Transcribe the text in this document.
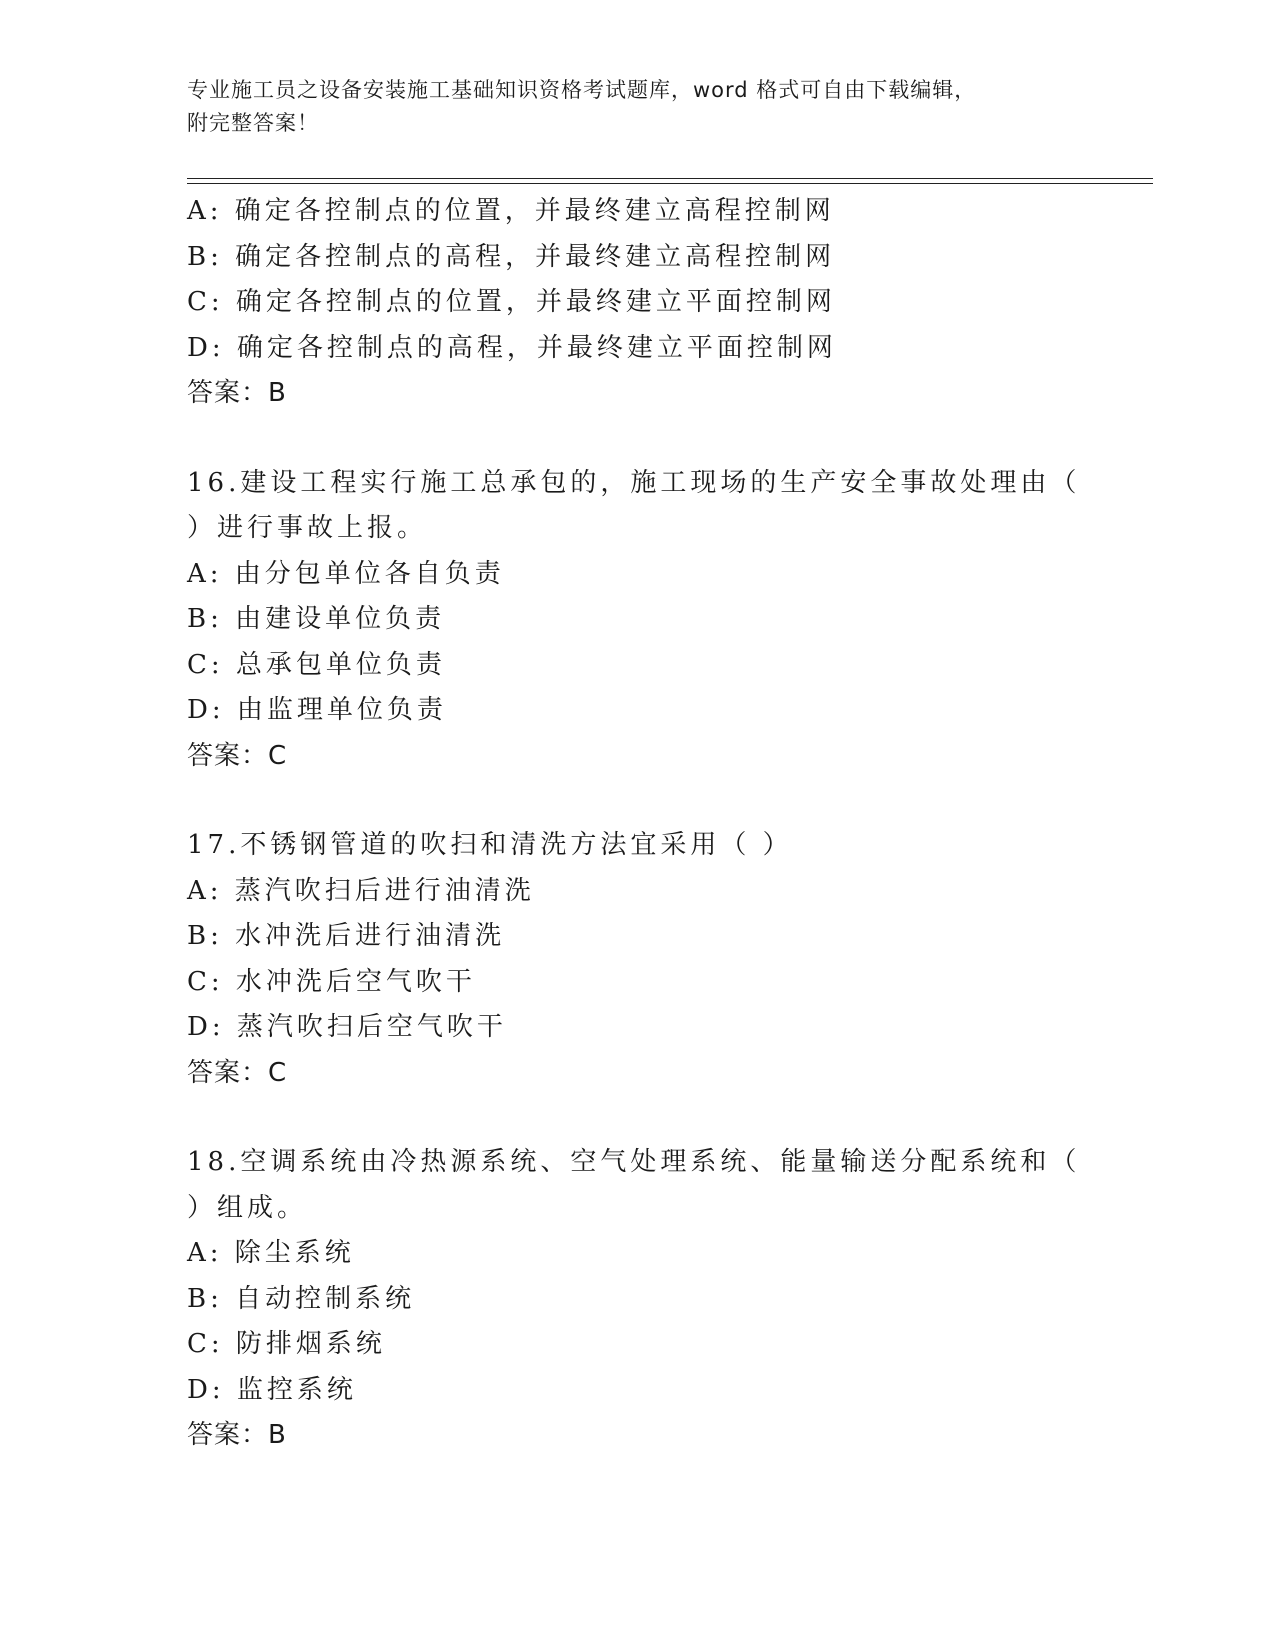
专业施工员之设备安装施工基础知识资格考试题库，word 格式可自由下载编辑，
附完整答案！
A: 确定各控制点的位置，并最终建立高程控制网
B: 确定各控制点的高程，并最终建立高程控制网
C: 确定各控制点的位置，并最终建立平面控制网
D: 确定各控制点的高程，并最终建立平面控制网
答案：B
16.建设工程实行施工总承包的，施工现场的生产安全事故处理由（
）进行事故上报。
A: 由分包单位各自负责
B: 由建设单位负责
C: 总承包单位负责
D: 由监理单位负责
答案：C
17.不锈钢管道的吹扫和清洗方法宜采用（ ）
A: 蒸汽吹扫后进行油清洗
B: 水冲洗后进行油清洗
C: 水冲洗后空气吹干
D: 蒸汽吹扫后空气吹干
答案：C
18.空调系统由冷热源系统、空气处理系统、能量输送分配系统和（
）组成。
A: 除尘系统
B: 自动控制系统
C: 防排烟系统
D: 监控系统
答案：B
